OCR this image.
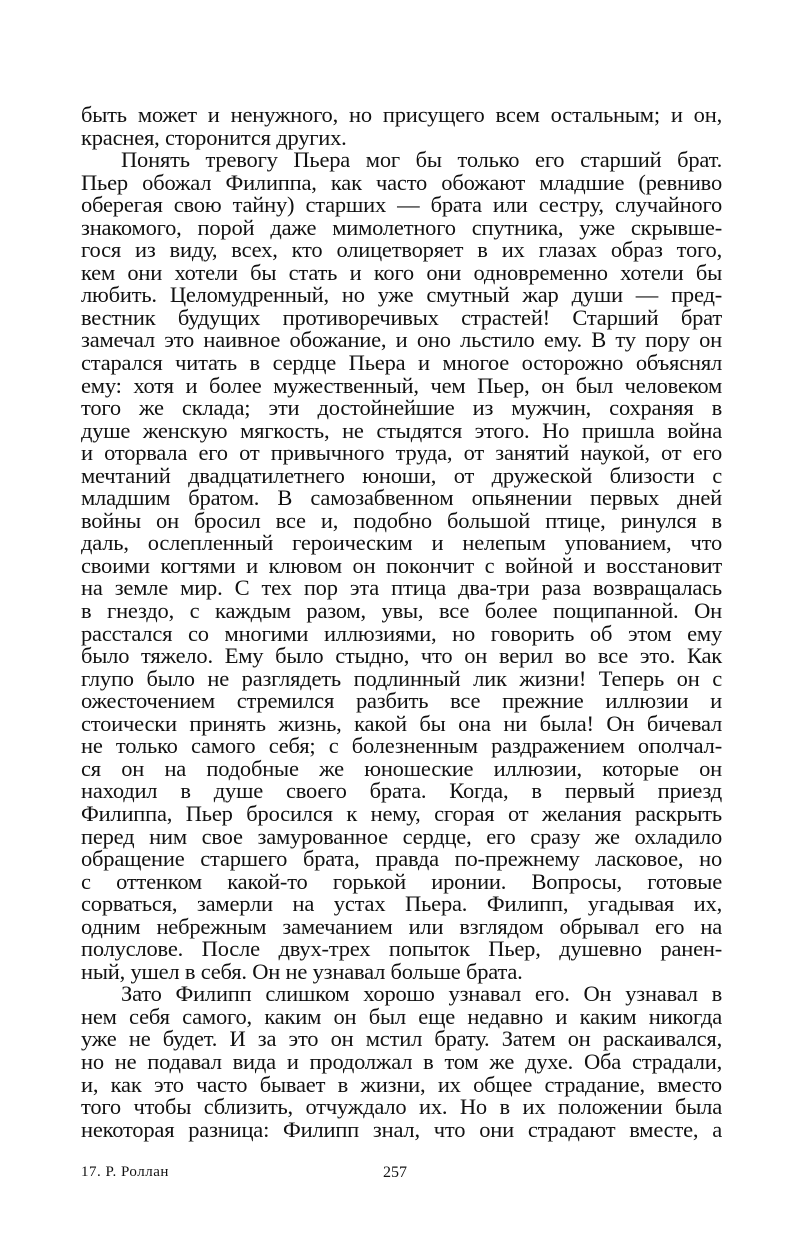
быть может и ненужного, но присущего всем остальным; и он,
краснея, сторонится других.
Понять тревогу Пьера мог бы только его старший брат.
Пьер обожал Филиппа, как часто обожают младшие (ревниво
оберегая свою тайну) старших — брата или сестру, случайного
знакомого, порой даже мимолетного спутника, уже скрывше-
гося из виду, всех, кто олицетворяет в их глазах образ того,
кем они хотели бы стать и кого они одновременно хотели бы
любить. Целомудренный, но уже смутный жар души — пред-
вестник будущих противоречивых страстей! Старший брат
замечал это наивное обожание, и оно льстило ему. В ту пору он
старался читать в сердце Пьера и многое осторожно объяснял
ему: хотя и более мужественный, чем Пьер, он был человеком
того же склада; эти достойнейшие из мужчин, сохраняя в
душе женскую мягкость, не стыдятся этого. Но пришла война
и оторвала его от привычного труда, от занятий наукой, от его
мечтаний двадцатилетнего юноши, от дружеской близости с
младшим братом. В самозабвенном опьянении первых дней
войны он бросил все и, подобно большой птице, ринулся в
даль, ослепленный героическим и нелепым упованием, что
своими когтями и клювом он покончит с войной и восстановит
на земле мир. С тех пор эта птица два-три раза возвращалась
в гнездо, с каждым разом, увы, все более пощипанной. Он
расстался со многими иллюзиями, но говорить об этом ему
было тяжело. Ему было стыдно, что он верил во все это. Как
глупо было не разглядеть подлинный лик жизни! Теперь он с
ожесточением стремился разбить все прежние иллюзии и
стоически принять жизнь, какой бы она ни была! Он бичевал
не только самого себя; с болезненным раздражением ополчал-
ся он на подобные же юношеские иллюзии, которые он
находил в душе своего брата. Когда, в первый приезд
Филиппа, Пьер бросился к нему, сгорая от желания раскрыть
перед ним свое замурованное сердце, его сразу же охладило
обращение старшего брата, правда по-прежнему ласковое, но
с оттенком какой-то горькой иронии. Вопросы, готовые
сорваться, замерли на устах Пьера. Филипп, угадывая их,
одним небрежным замечанием или взглядом обрывал его на
полуслове. После двух-трех попыток Пьер, душевно ранен-
ный, ушел в себя. Он не узнавал больше брата.
Зато Филипп слишком хорошо узнавал его. Он узнавал в
нем себя самого, каким он был еще недавно и каким никогда
уже не будет. И за это он мстил брату. Затем он раскаивался,
но не подавал вида и продолжал в том же духе. Оба страдали,
и, как это часто бывает в жизни, их общее страдание, вместо
того чтобы сблизить, отчуждало их. Но в их положении была
некоторая разница: Филипп знал, что они страдают вместе, а
17. Р. Роллан	257
